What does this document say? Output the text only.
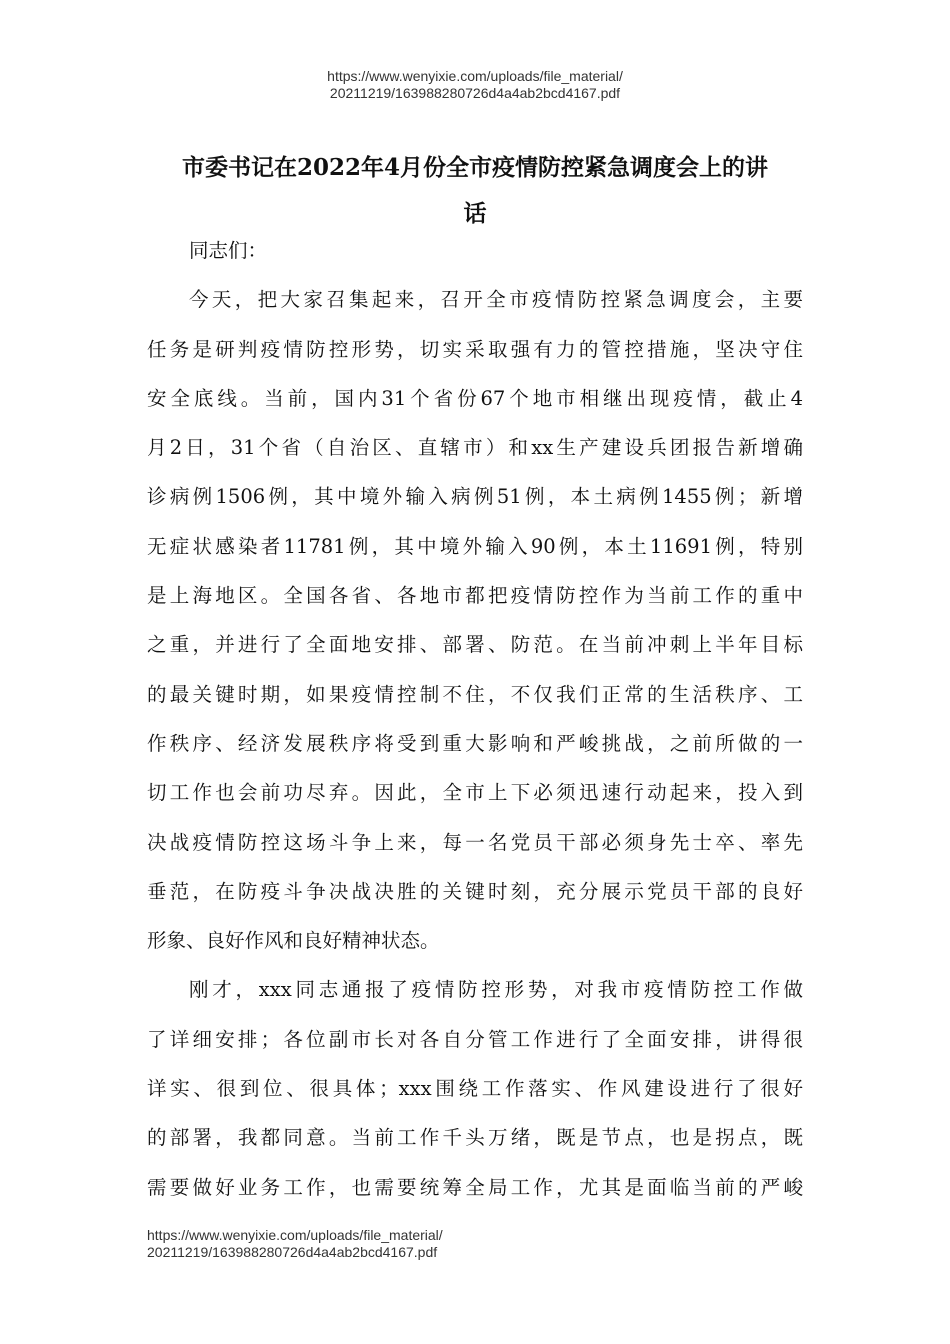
https://www.wenyixie.com/uploads/file_material/
20211219/163988280726d4a4ab2bcd4167.pdf
市委书记在2022年4月份全市疫情防控紧急调度会上的讲
话
同志们：
今天，把大家召集起来，召开全市疫情防控紧急调度会，主要
任务是研判疫情防控形势，切实采取强有力的管控措施，坚决守住
安全底线。当前，国内31个省份67个地市相继出现疫情，截止4
月2日，31个省（自治区、直辖市）和xx生产建设兵团报告新增确
诊病例1506例，其中境外输入病例51例，本土病例1455例；新增
无症状感染者11781例，其中境外输入90例，本土11691例，特别
是上海地区。全国各省、各地市都把疫情防控作为当前工作的重中
之重，并进行了全面地安排、部署、防范。在当前冲刺上半年目标
的最关键时期，如果疫情控制不住，不仅我们正常的生活秩序、工
作秩序、经济发展秩序将受到重大影响和严峻挑战，之前所做的一
切工作也会前功尽弃。因此，全市上下必须迅速行动起来，投入到
决战疫情防控这场斗争上来，每一名党员干部必须身先士卒、率先
垂范，在防疫斗争决战决胜的关键时刻，充分展示党员干部的良好
形象、良好作风和良好精神状态。
刚才，xxx同志通报了疫情防控形势，对我市疫情防控工作做
了详细安排；各位副市长对各自分管工作进行了全面安排，讲得很
详实、很到位、很具体；xxx围绕工作落实、作风建设进行了很好
的部署，我都同意。当前工作千头万绪，既是节点，也是拐点，既
需要做好业务工作，也需要统筹全局工作，尤其是面临当前的严峻
https://www.wenyixie.com/uploads/file_material/
20211219/163988280726d4a4ab2bcd4167.pdf
